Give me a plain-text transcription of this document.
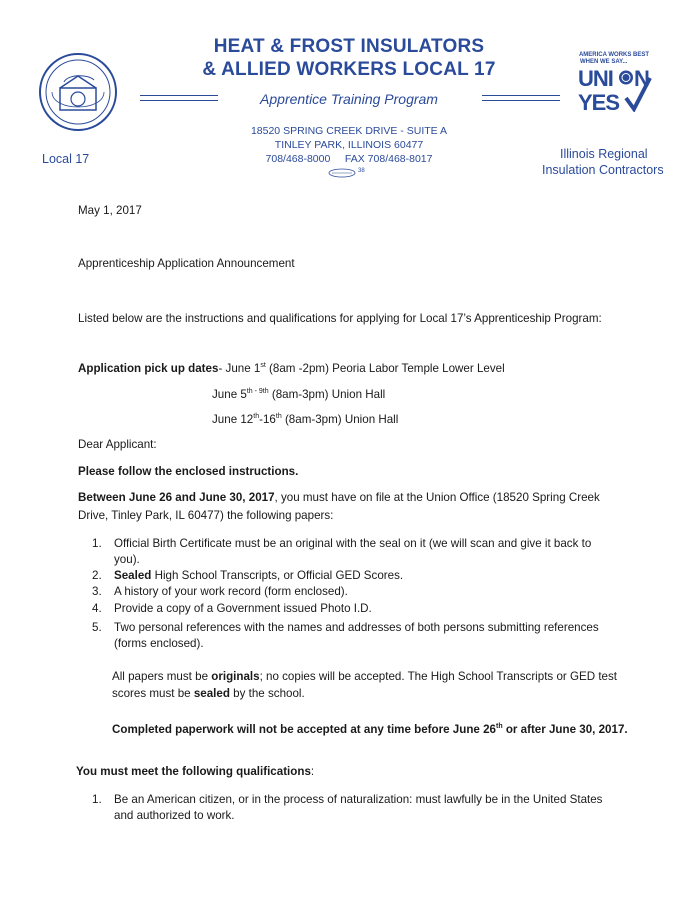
Local 17
HEAT & FROST INSULATORS
& ALLIED WORKERS LOCAL 17
Apprentice Training Program
18520 SPRING CREEK DRIVE - SUITE A
TINLEY PARK, ILLINOIS 60477
708/468-8000     FAX 708/468-8017
38
AMERICA WORKS BEST
WHEN WE SAY...
UNI N
YES
Illinois Regional
Insulation Contractors
May 1, 2017
Apprenticeship Application Announcement
Listed below are the instructions and qualifications for applying for Local 17’s Apprenticeship Program:
Application pick up dates- June 1st (8am -2pm) Peoria Labor Temple Lower Level
June $5^{th - 9th}$ (8am-3pm) Union Hall
June 12th-16th (8am-3pm) Union Hall
Dear Applicant:
Please follow the enclosed instructions.
Between June 26 and June 30, 2017, you must have on file at the Union Office (18520 Spring Creek
Drive, Tinley Park, IL 60477) the following papers:
1. Official Birth Certificate must be an original with the seal on it (we will scan and give it back to
you).
2. Sealed High School Transcripts, or Official GED Scores.
3. A history of your work record (form enclosed).
4. Provide a copy of a Government issued Photo I.D.
5. Two personal references with the names and addresses of both persons submitting references
(forms enclosed).
All papers must be originals; no copies will be accepted. The High School Transcripts or GED test
scores must be sealed by the school.
Completed paperwork will not be accepted at any time before June 26th or after June 30, 2017.
You must meet the following qualifications:
1. Be an American citizen, or in the process of naturalization: must lawfully be in the United States
and authorized to work.
